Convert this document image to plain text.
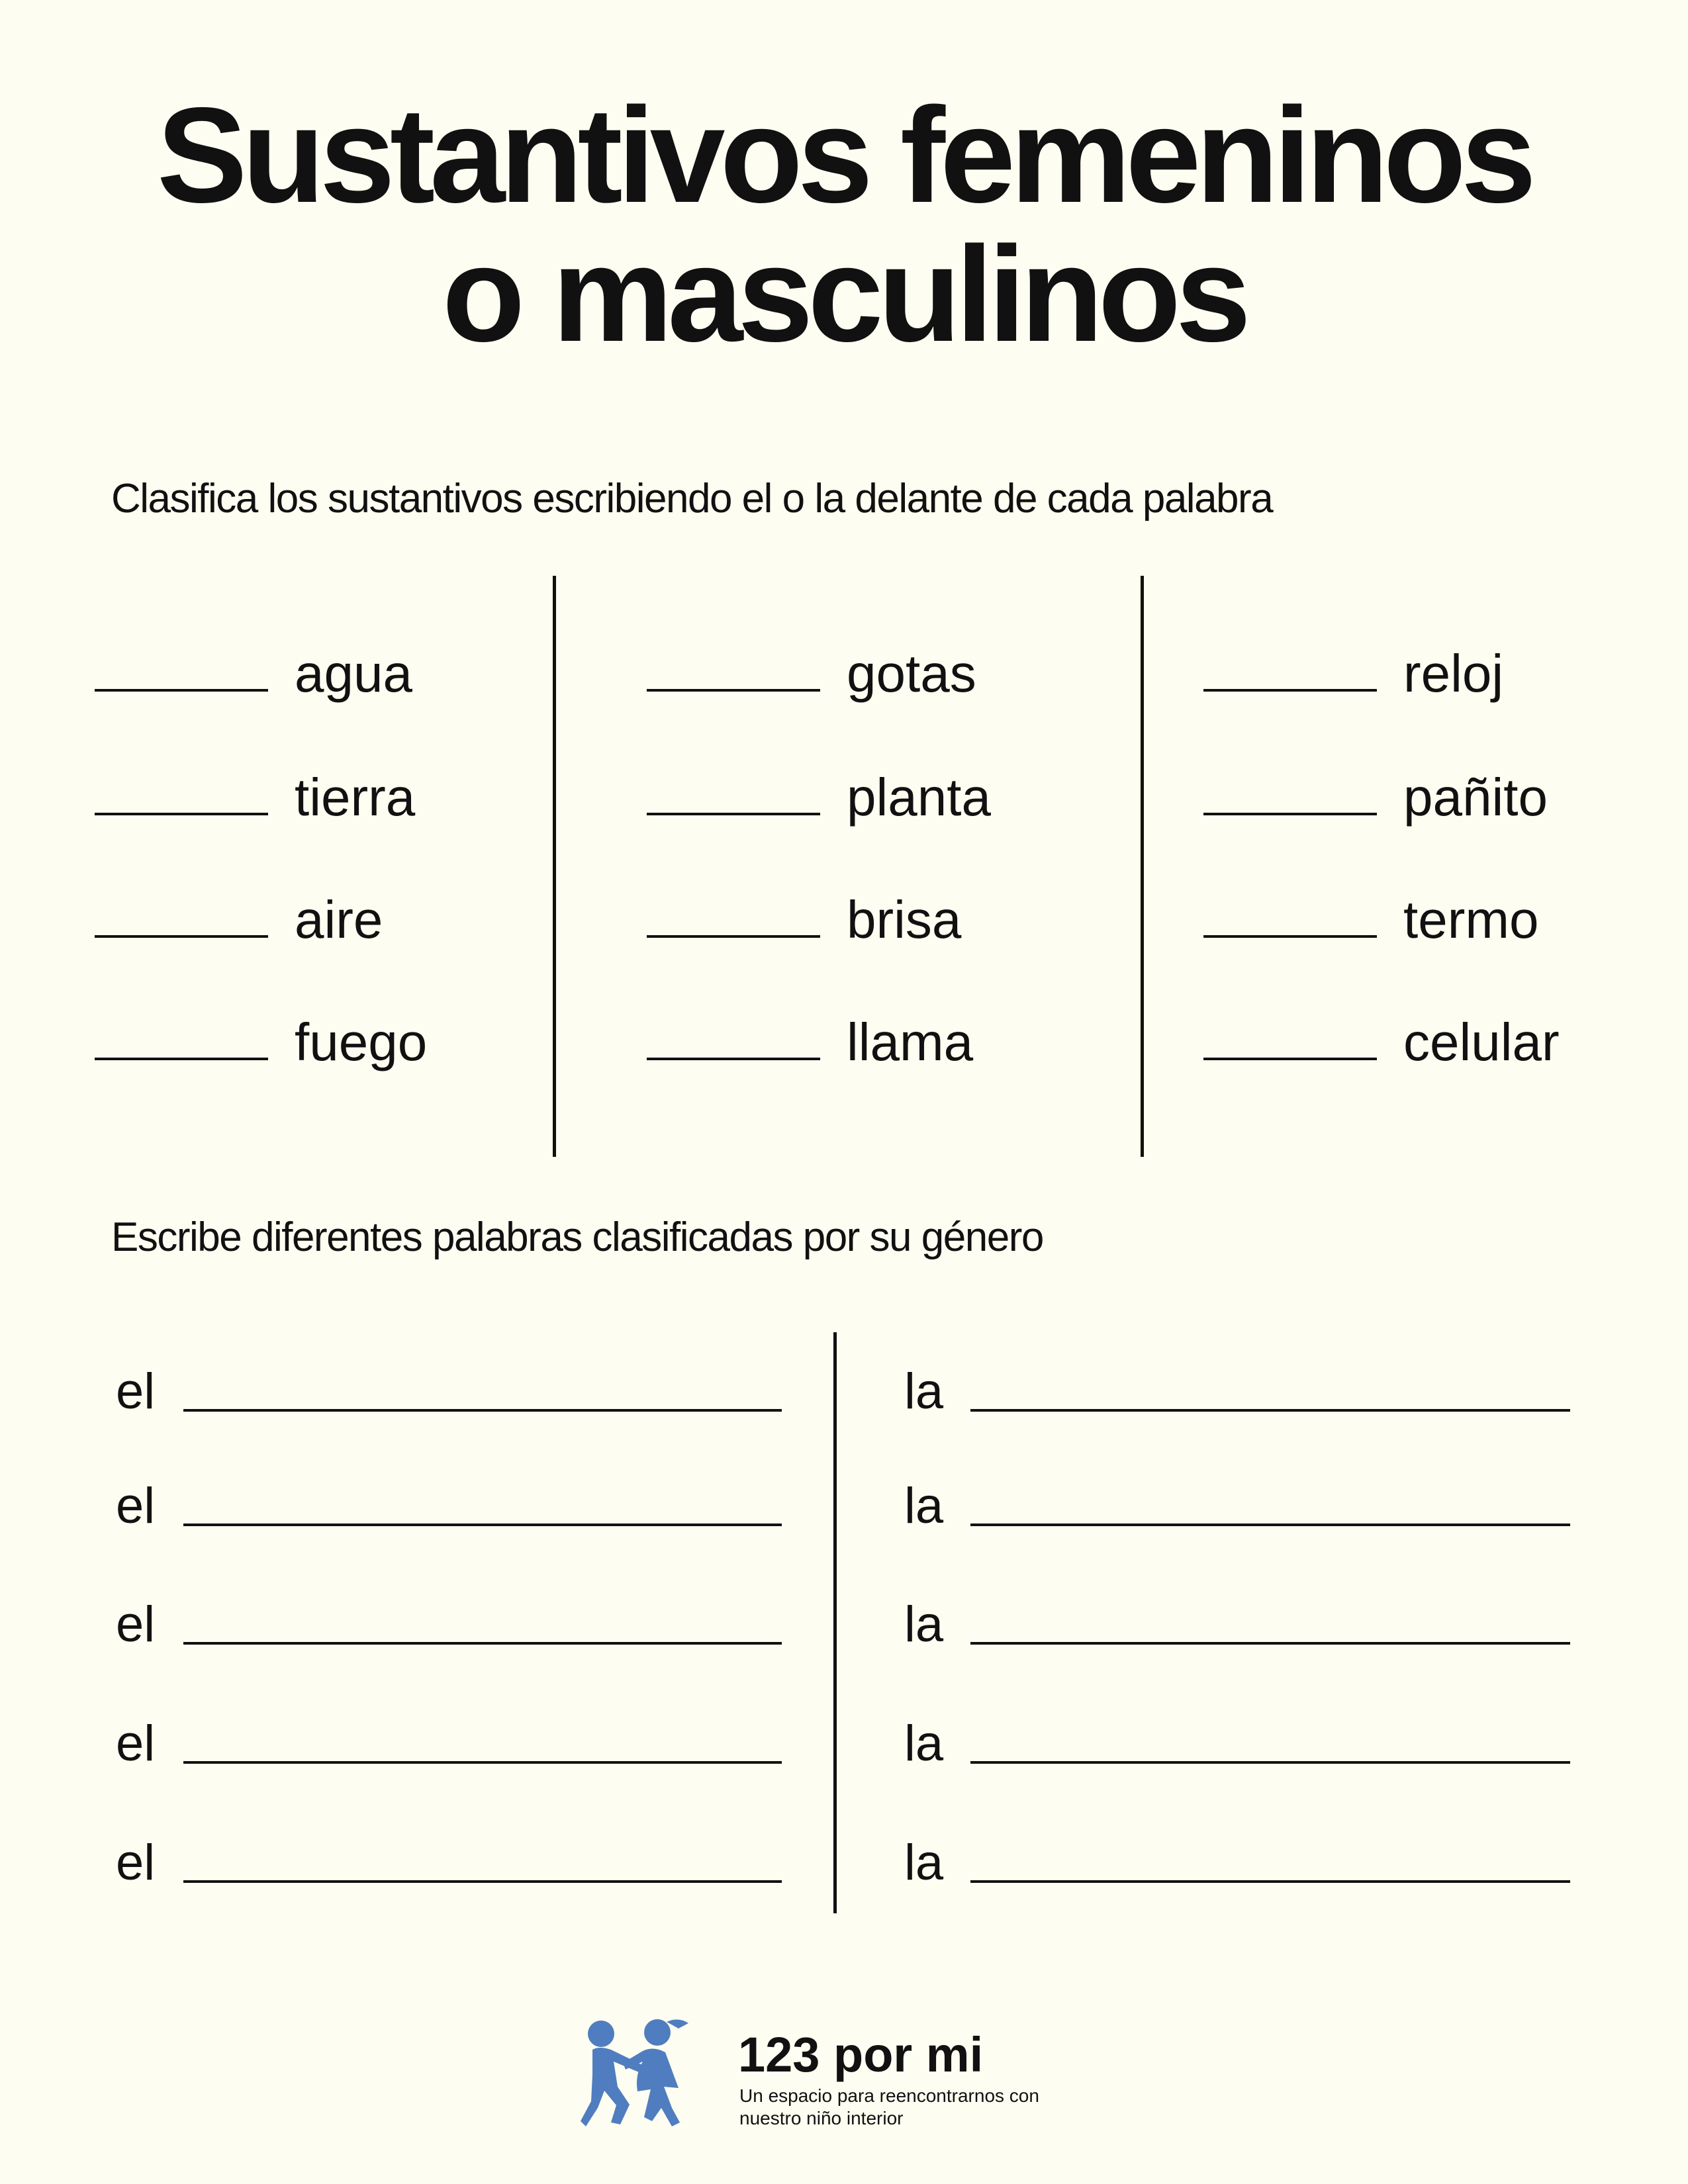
Sustantivos femeninos
o masculinos

Clasifica los sustantivos escribiendo el o la delante de cada palabra

agua
tierra
aire
fuego
gotas
planta
brisa
llama
reloj
pañito
termo
celular

Escribe diferentes palabras clasificadas por su género

el
el
el
el
el
la
la
la
la
la
123 por mi
Un espacio para reencontrarnos con nuestro niño interior
